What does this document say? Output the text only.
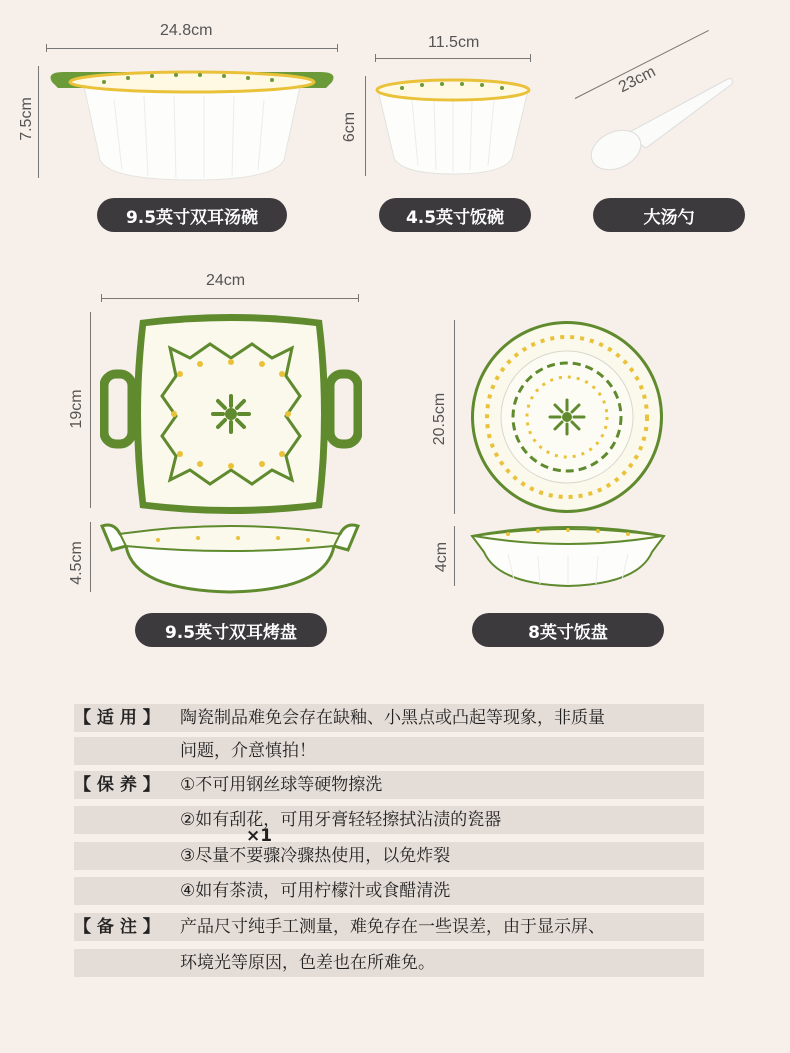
24.8cm
7.5cm
11.5cm
6cm
23cm
9.5英寸双耳汤碗	4.5英寸饭碗	大汤勺
24cm
19cm
4.5cm
20.5cm
4cm
9.5英寸双耳烤盘	8英寸饭盘
【 适 用 】 陶瓷制品难免会存在缺釉、小黑点或凸起等现象，非质量
问题，介意慎拍！
【 保 养 】 ①不可用钢丝球等硬物擦洗
②如有刮花，可用牙膏轻轻擦拭沾渍的瓷器
③尽量不要骤冷骤热使用，以免炸裂
×1
④如有茶渍，可用柠檬汁或食醋清洗
【 备 注 】 产品尺寸纯手工测量，难免存在一些误差，由于显示屏、
环境光等原因，色差也在所难免。
